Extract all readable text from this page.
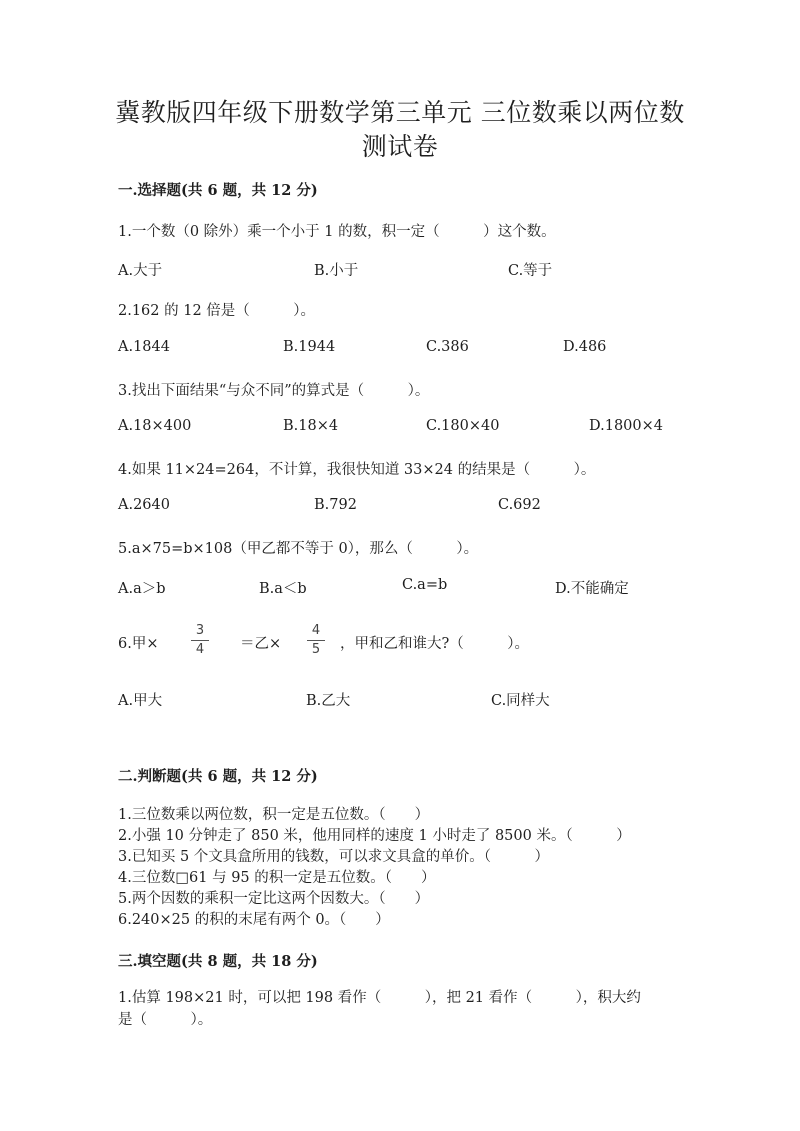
冀教版四年级下册数学第三单元 三位数乘以两位数
测试卷
一.选择题(共 6 题，共 12 分)
1.一个数（0 除外）乘一个小于 1 的数，积一定（　　　）这个数。
A.大于	B.小于	C.等于
2.162 的 12 倍是（　　　）。
A.1844	B.1944	C.386	D.486
3.找出下面结果“与众不同”的算式是（　　　）。
A.18×400	B.18×4	C.180×40	D.1800×4
4.如果 11×24=264，不计算，我很快知道 33×24 的结果是（　　　）。
A.2640	B.792	C.692
5.a×75=b×108（甲乙都不等于 0），那么（　　　）。
A.a＞b	B.a＜b	C.a=b	D.不能确定
6.甲×
3
4	＝乙×
4
5	，甲和乙和谁大?（　　　）。
A.甲大	B.乙大	C.同样大
二.判断题(共 6 题，共 12 分)
1.三位数乘以两位数，积一定是五位数。（　　）
2.小强 10 分钟走了 850 米，他用同样的速度 1 小时走了 8500 米。（　　　）
3.已知买 5 个文具盒所用的钱数，可以求文具盒的单价。（　　　）
4.三位数□61 与 95 的积一定是五位数。（　　）
5.两个因数的乘积一定比这两个因数大。（　　）
6.240×25 的积的末尾有两个 0。（　　）
三.填空题(共 8 题，共 18 分)
1.估算 198×21 时，可以把 198 看作（　　　），把 21 看作（　　　），积大约
是（　　　）。
